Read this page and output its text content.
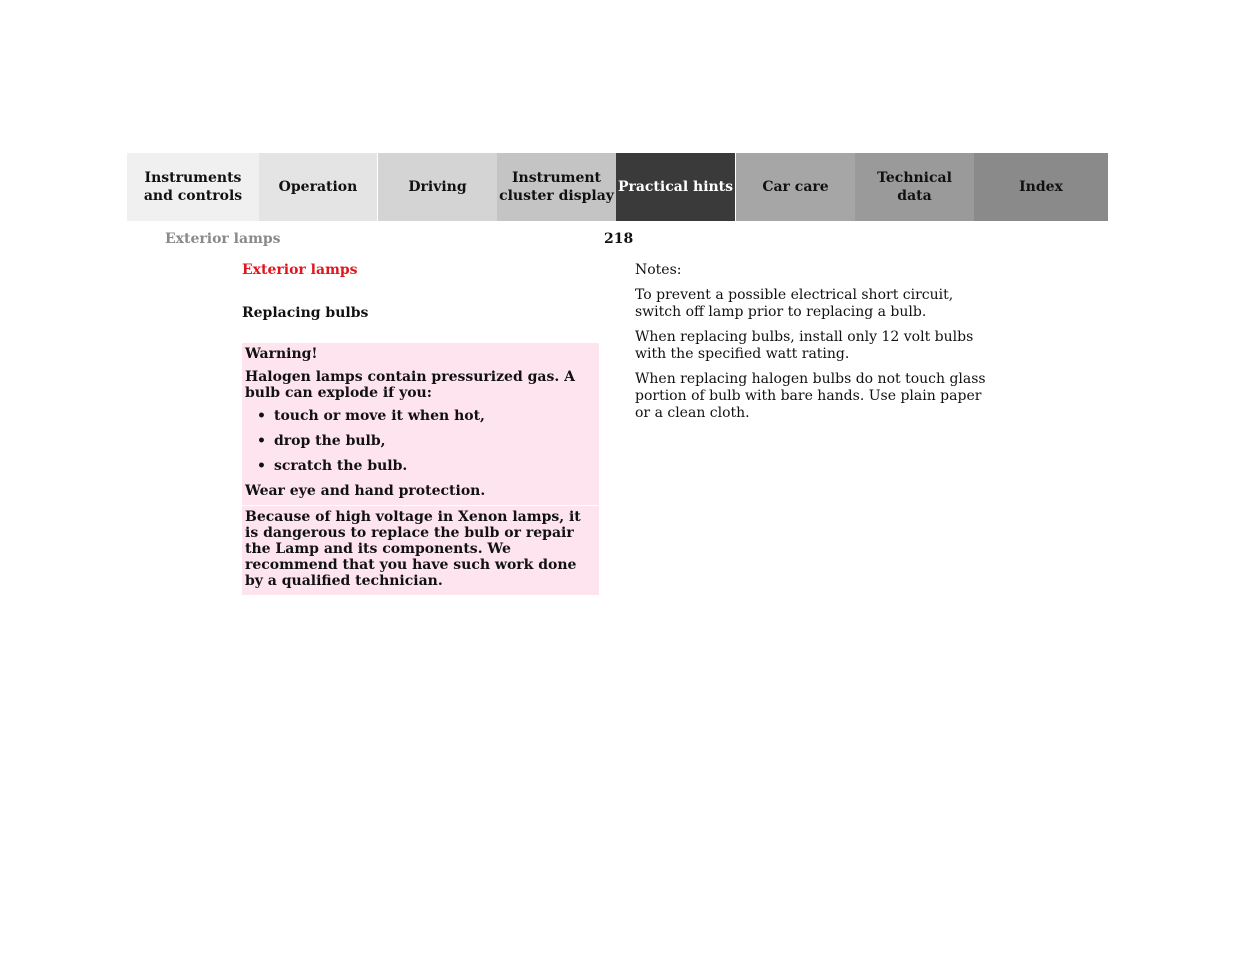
Instruments
and controls
Operation	Driving
Instrument
cluster display
Practical hints	Car care
Technical
data
Index
Exterior lamps	218
Exterior lamps
Replacing bulbs

Warning!

Halogen lamps contain pressurized gas. A bulb can explode if you:

• touch or move it when hot,
• drop the bulb,
• scratch the bulb.

Wear eye and hand protection.

Because of high voltage in Xenon lamps, it is dangerous to replace the bulb or repair the Lamp and its components. We recommend that you have such work done by a qualified technician.

Notes:

To prevent a possible electrical short circuit, switch off lamp prior to replacing a bulb.

When replacing bulbs, install only 12 volt bulbs with the specified watt rating.

When replacing halogen bulbs do not touch glass portion of bulb with bare hands. Use plain paper or a clean cloth.
